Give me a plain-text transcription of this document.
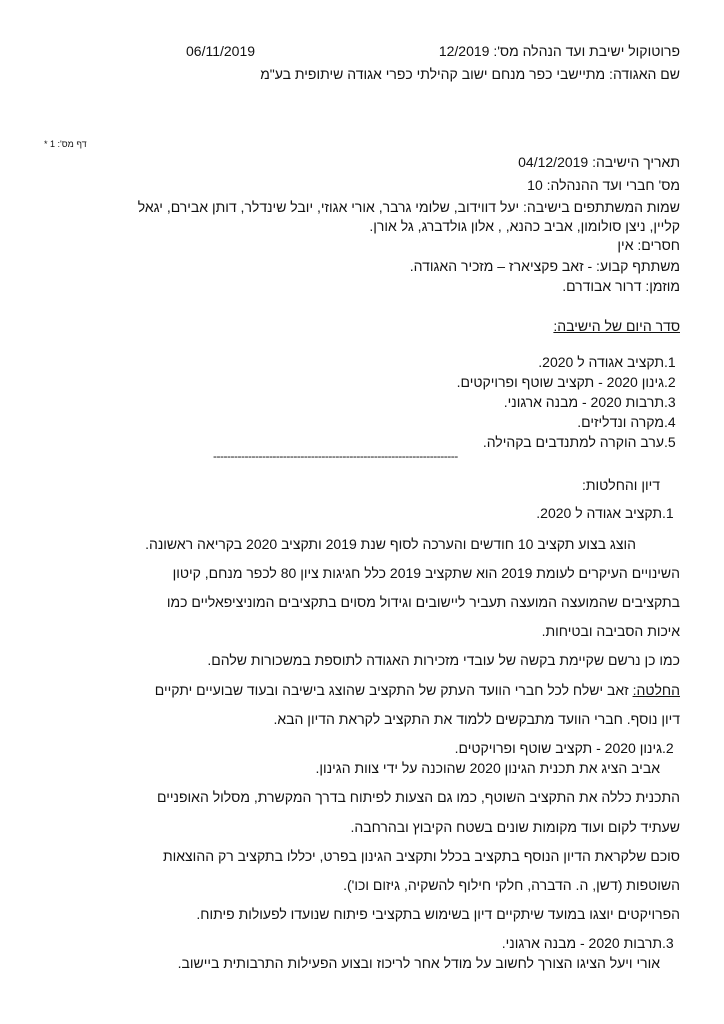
פרוטוקול ישיבת ועד הנהלה מס': 12/2019
06/11/2019
שם האגודה: מתיישבי כפר מנחם ישוב קהילתי כפרי אגודה שיתופית בע"מ
דף מס': 1 *
תאריך הישיבה: 04/12/2019
מס' חברי ועד ההנהלה: 10
שמות המשתתפים בישיבה: יעל דווידוב, שלומי גרבר, אורי אגוזי, יובל שינדלר, דותן אבירם, יגאל
קליין, ניצן סולומון, אביב כהנא, , אלון גולדברג, גל אורן.
חסרים: אין
משתתף קבוע: - זאב פקציארז – מזכיר האגודה.
מוזמן: דרור אבודרם.
סדר היום של הישיבה:
1.תקציב אגודה ל 2020.
2.גינון 2020 - תקציב שוטף ופרויקטים.
3.תרבות 2020 - מבנה ארגוני.
4.מקרה ונדליזים.
5.ערב הוקרה למתנדבים בקהילה.
----------------------------------------------------------------------
דיון והחלטות:
1.תקציב אגודה ל 2020.
הוצג בצוע תקציב 10 חודשים והערכה לסוף שנת 2019 ותקציב 2020 בקריאה ראשונה.
השינויים העיקרים לעומת 2019 הוא שתקציב 2019 כלל חגיגות ציון 80 לכפר מנחם, קיטון
בתקציבים שהמועצה המועצה תעביר ליישובים וגידול מסוים בתקציבים המוניציפאליים כמו
איכות הסביבה ובטיחות.
כמו כן נרשם שקיימת בקשה של עובדי מזכירות האגודה לתוספת במשכורות שלהם.
החלטה: זאב ישלח לכל חברי הוועד העתק של התקציב שהוצג בישיבה ובעוד שבועיים יתקיים
דיון נוסף. חברי הוועד מתבקשים ללמוד את התקציב לקראת הדיון הבא.
2.גינון 2020 - תקציב שוטף ופרויקטים.
אביב הציג את תכנית הגינון 2020 שהוכנה על ידי צוות הגינון.
התכנית כללה את התקציב השוטף, כמו גם הצעות לפיתוח בדרך המקשרת, מסלול האופניים
שעתיד לקום ועוד מקומות שונים בשטח הקיבוץ ובהרחבה.
סוכם שלקראת הדיון הנוסף בתקציב בכלל ותקציב הגינון בפרט, יכללו בתקציב רק ההוצאות
השוטפות (דשן, ה. הדברה, חלקי חילוף להשקיה, גיזום וכו').
הפרויקטים יוצגו במועד שיתקיים דיון בשימוש בתקציבי פיתוח שנועדו לפעולות פיתוח.
3.תרבות 2020 - מבנה ארגוני.
אורי ויעל הציגו הצורך לחשוב על מודל אחר לריכוז ובצוע הפעילות התרבותית ביישוב.
